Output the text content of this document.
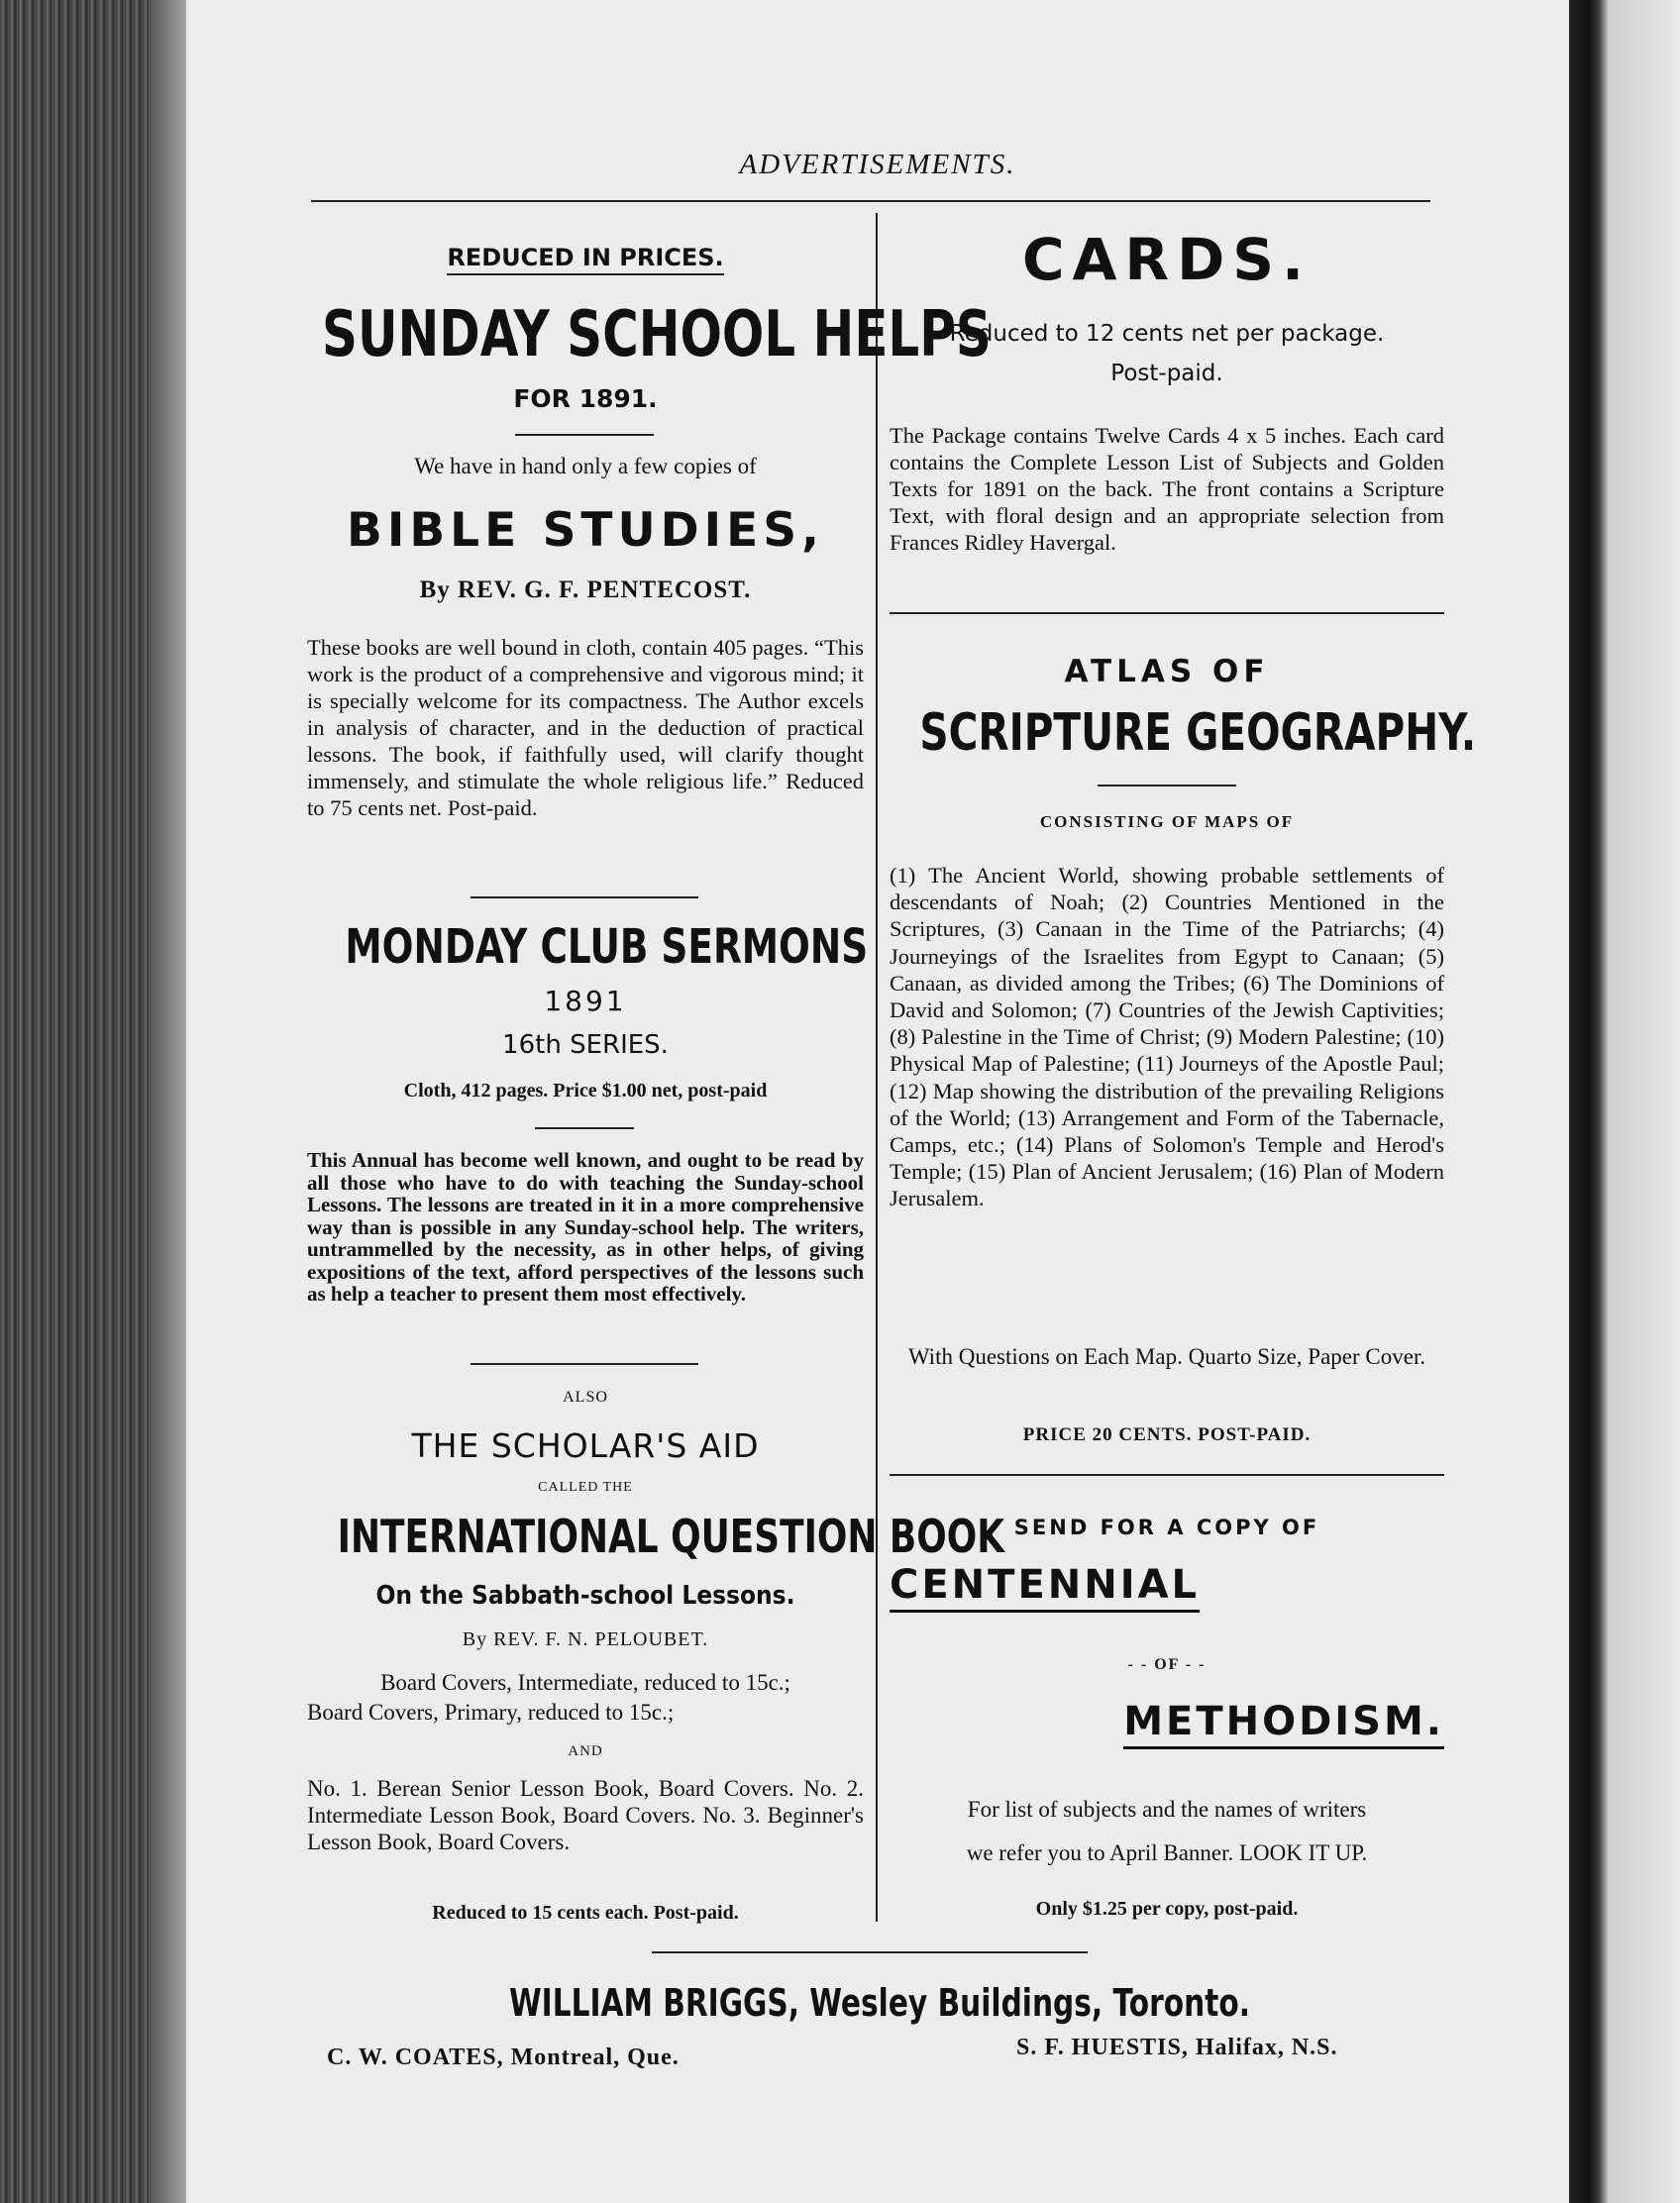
ADVERTISEMENTS.
REDUCED IN PRICES.
SUNDAY SCHOOL HELPS
FOR 1891.
We have in hand only a few copies of
BIBLE STUDIES,
By REV. G. F. PENTECOST.
These books are well bound in cloth, contain 405 pages. “This work is the product of a comprehensive and vigorous mind; it is specially welcome for its compactness. The Author excels in analysis of character, and in the deduction of practical lessons. The book, if faithfully used, will clarify thought immensely, and stimulate the whole religious life.” Reduced to 75 cents net. Post-paid.
MONDAY CLUB SERMONS
1891
16th SERIES.
Cloth, 412 pages. Price $1.00 net, post-paid
This Annual has become well known, and ought to be read by all those who have to do with teaching the Sunday-school Lessons. The lessons are treated in it in a more comprehensive way than is possible in any Sunday-school help. The writers, untrammelled by the necessity, as in other helps, of giving expositions of the text, afford perspectives of the lessons such as help a teacher to present them most effectively.
ALSO
THE SCHOLAR'S AID
CALLED THE
INTERNATIONAL QUESTION BOOK
On the Sabbath-school Lessons.
By REV. F. N. PELOUBET.
Board Covers, Intermediate, reduced to 15c.;
Board Covers, Primary, reduced to 15c.;
AND
No. 1. Berean Senior Lesson Book, Board Covers. No. 2. Intermediate Lesson Book, Board Covers. No. 3. Beginner's Lesson Book, Board Covers.
Reduced to 15 cents each. Post-paid.
CARDS.
Reduced to 12 cents net per package.
Post-paid.
The Package contains Twelve Cards 4 x 5 inches. Each card contains the Complete Lesson List of Subjects and Golden Texts for 1891 on the back. The front contains a Scripture Text, with floral design and an appropriate selection from Frances Ridley Havergal.
ATLAS OF
SCRIPTURE GEOGRAPHY.
CONSISTING OF MAPS OF
(1) The Ancient World, showing probable settlements of descendants of Noah; (2) Countries Mentioned in the Scriptures, (3) Canaan in the Time of the Patriarchs; (4) Journeyings of the Israelites from Egypt to Canaan; (5) Canaan, as divided among the Tribes; (6) The Dominions of David and Solomon; (7) Countries of the Jewish Captivities; (8) Palestine in the Time of Christ; (9) Modern Palestine; (10) Physical Map of Palestine; (11) Journeys of the Apostle Paul; (12) Map showing the distribution of the prevailing Religions of the World; (13) Arrangement and Form of the Tabernacle, Camps, etc.; (14) Plans of Solomon's Temple and Herod's Temple; (15) Plan of Ancient Jerusalem; (16) Plan of Modern Jerusalem.
With Questions on Each Map. Quarto Size, Paper Cover.
PRICE 20 CENTS. POST-PAID.
SEND FOR A COPY OF
CENTENNIAL
- - OF - -
METHODISM.
For list of subjects and the names of writers
we refer you to April Banner. LOOK IT UP.
Only $1.25 per copy, post-paid.
WILLIAM BRIGGS, Wesley Buildings, Toronto.
C. W. COATES, Montreal, Que.	S. F. HUESTIS, Halifax, N.S.
